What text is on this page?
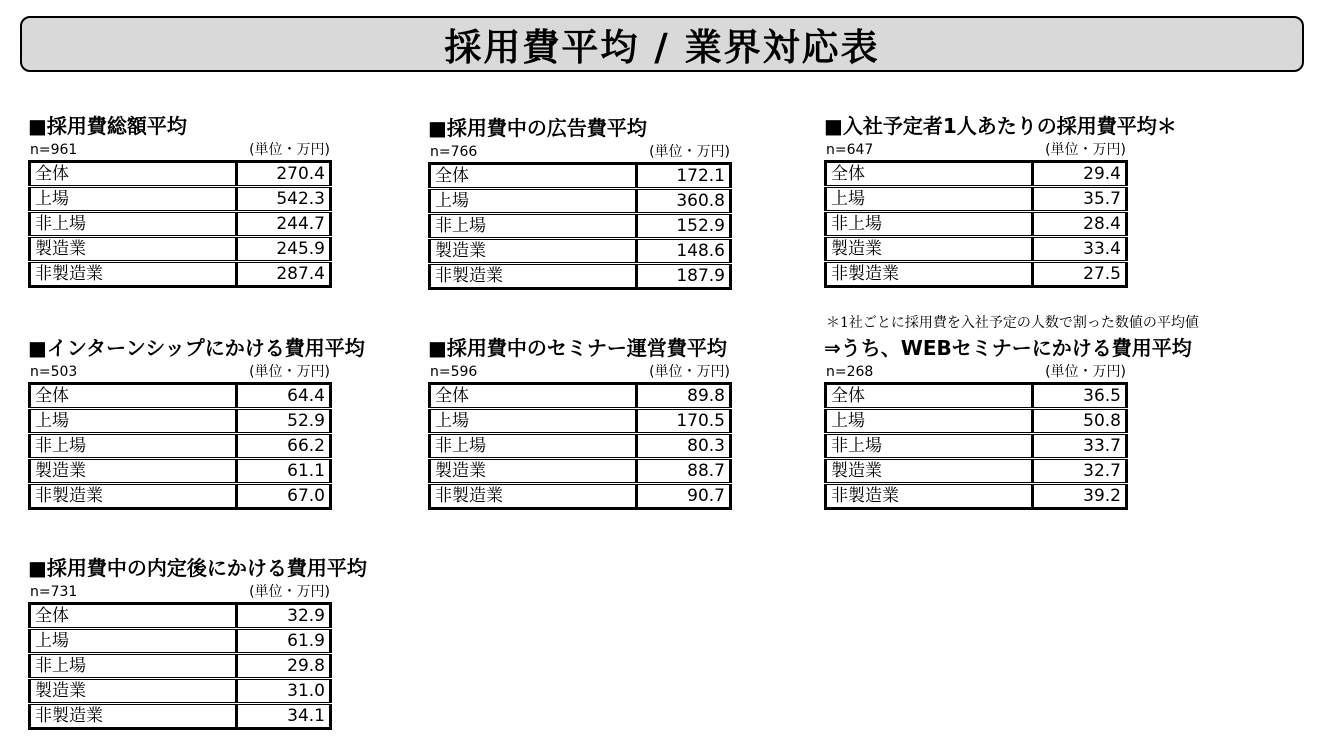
採用費平均 / 業界対応表
■採用費総額平均
n=961	(単位・万円)
全体	270.4
上場	542.3
非上場	244.7
製造業	245.9
非製造業	287.4
■採用費中の広告費平均
n=766	(単位・万円)
全体	172.1
上場	360.8
非上場	152.9
製造業	148.6
非製造業	187.9
■入社予定者1人あたりの採用費平均＊
n=647	(単位・万円)
全体	29.4
上場	35.7
非上場	28.4
製造業	33.4
非製造業	27.5
＊1社ごとに採用費を入社予定の人数で割った数値の平均値
■インターンシップにかける費用平均
n=503	(単位・万円)
全体	64.4
上場	52.9
非上場	66.2
製造業	61.1
非製造業	67.0
■採用費中のセミナー運営費平均
n=596	(単位・万円)
全体	89.8
上場	170.5
非上場	80.3
製造業	88.7
非製造業	90.7
⇒うち、WEBセミナーにかける費用平均
n=268	(単位・万円)
全体	36.5
上場	50.8
非上場	33.7
製造業	32.7
非製造業	39.2
■採用費中の内定後にかける費用平均
n=731	(単位・万円)
全体	32.9
上場	61.9
非上場	29.8
製造業	31.0
非製造業	34.1
